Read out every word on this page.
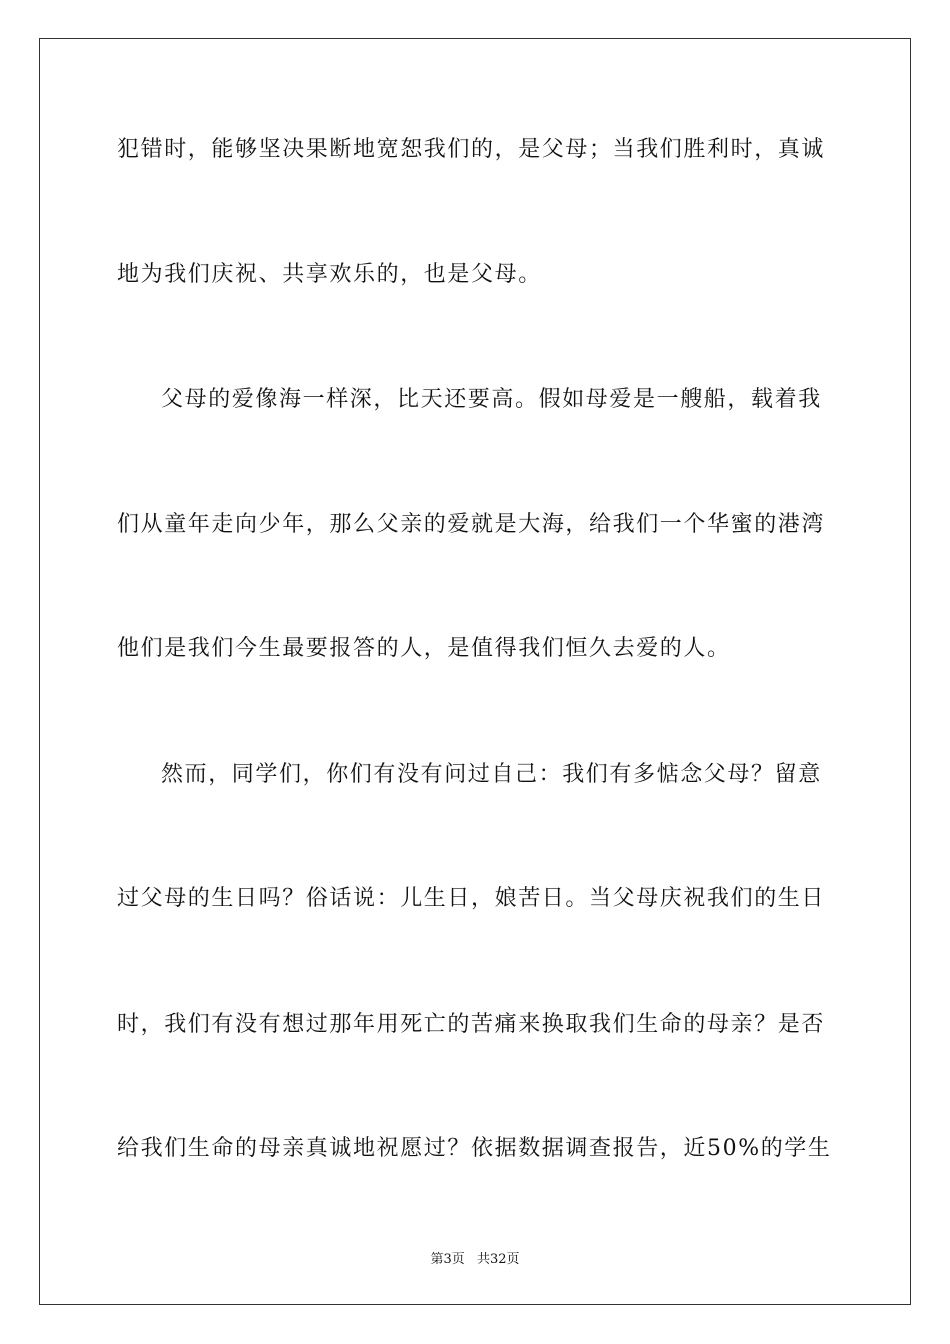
犯错时，能够坚决果断地宽恕我们的，是父母；当我们胜利时，真诚
地为我们庆祝、共享欢乐的，也是父母。
父母的爱像海一样深，比天还要高。假如母爱是一艘船，载着我
们从童年走向少年，那么父亲的爱就是大海，给我们一个华蜜的港湾
他们是我们今生最要报答的人，是值得我们恒久去爱的人。
然而，同学们，你们有没有问过自己：我们有多惦念父母？留意
过父母的生日吗？俗话说：儿生日，娘苦日。当父母庆祝我们的生日
时，我们有没有想过那年用死亡的苦痛来换取我们生命的母亲？是否
给我们生命的母亲真诚地祝愿过？依据数据调查报告，近50%的学生
第3页 共32页
